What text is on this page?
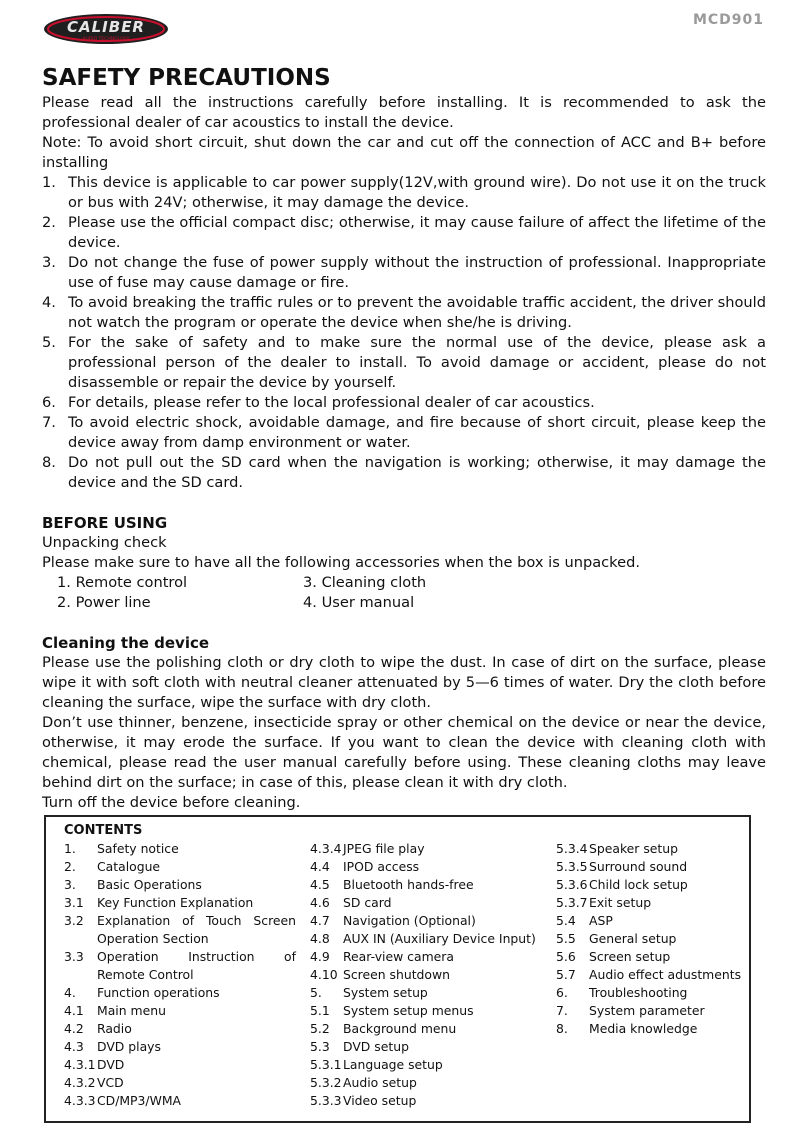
CALIBER
AUDIO TECHNOLOGY
MCD901
SAFETY PRECAUTIONS

Please read all the instructions carefully before installing. It is recommended to ask the professional dealer of car acoustics to install the device.

Note: To avoid short circuit, shut down the car and cut off the connection of ACC and B+ before installing

1. This device is applicable to car power supply(12V,with ground wire). Do not use it on the truck or bus with 24V; otherwise, it may damage the device.
2. Please use the official compact disc; otherwise, it may cause failure of affect the lifetime of the device.
3. Do not change the fuse of power supply without the instruction of professional. Inappropriate use of fuse may cause damage or fire.
4. To avoid breaking the traffic rules or to prevent the avoidable traffic accident, the driver should not watch the program or operate the device when she/he is driving.
5. For the sake of safety and to make sure the normal use of the device, please ask a professional person of the dealer to install. To avoid damage or accident, please do not disassemble or repair the device by yourself.
6. For details, please refer to the local professional dealer of car acoustics.
7. To avoid electric shock, avoidable damage, and fire because of short circuit, please keep the device away from damp environment or water.
8. Do not pull out the SD card when the navigation is working; otherwise, it may damage the device and the SD card.
BEFORE USING

Unpacking check

Please make sure to have all the following accessories when the box is unpacked.

1. Remote control	3. Cleaning cloth
2. Power line	4. User manual
Cleaning the device

Please use the polishing cloth or dry cloth to wipe the dust. In case of dirt on the surface, please wipe it with soft cloth with neutral cleaner attenuated by 5—6 times of water. Dry the cloth before cleaning the surface, wipe the surface with dry cloth.

Don’t use thinner, benzene, insecticide spray or other chemical on the device or near the device, otherwise, it may erode the surface. If you want to clean the device with cleaning cloth with chemical, please read the user manual carefully before using. These cleaning cloths may leave behind dirt on the surface; in case of this, please clean it with dry cloth.

Turn off the device before cleaning.

CONTENTS
1.	Safety notice
2.	Catalogue
3.	Basic Operations
3.1	Key Function Explanation
3.2	Explanation of Touch Screen Operation Section
3.3	Operation Instruction of Remote Control
4.	Function operations
4.1	Main menu
4.2	Radio
4.3	DVD plays
4.3.1 DVD
4.3.2 VCD
4.3.3 CD/MP3/WMA
4.3.4 JPEG file play
4.4	IPOD access
4.5	Bluetooth hands-free
4.6	SD card
4.7	Navigation (Optional)
4.8	AUX IN (Auxiliary Device Input)
4.9	Rear-view camera
4.10 Screen shutdown
5.	System setup
5.1	System setup menus
5.2	Background menu
5.3	DVD setup
5.3.1 Language setup
5.3.2 Audio setup
5.3.3 Video setup
5.3.4 Speaker setup
5.3.5 Surround sound
5.3.6 Child lock setup
5.3.7 Exit setup
5.4	ASP
5.5	General setup
5.6	Screen setup
5.7	Audio effect adustments
6.	Troubleshooting
7.	System parameter
8.	Media knowledge
